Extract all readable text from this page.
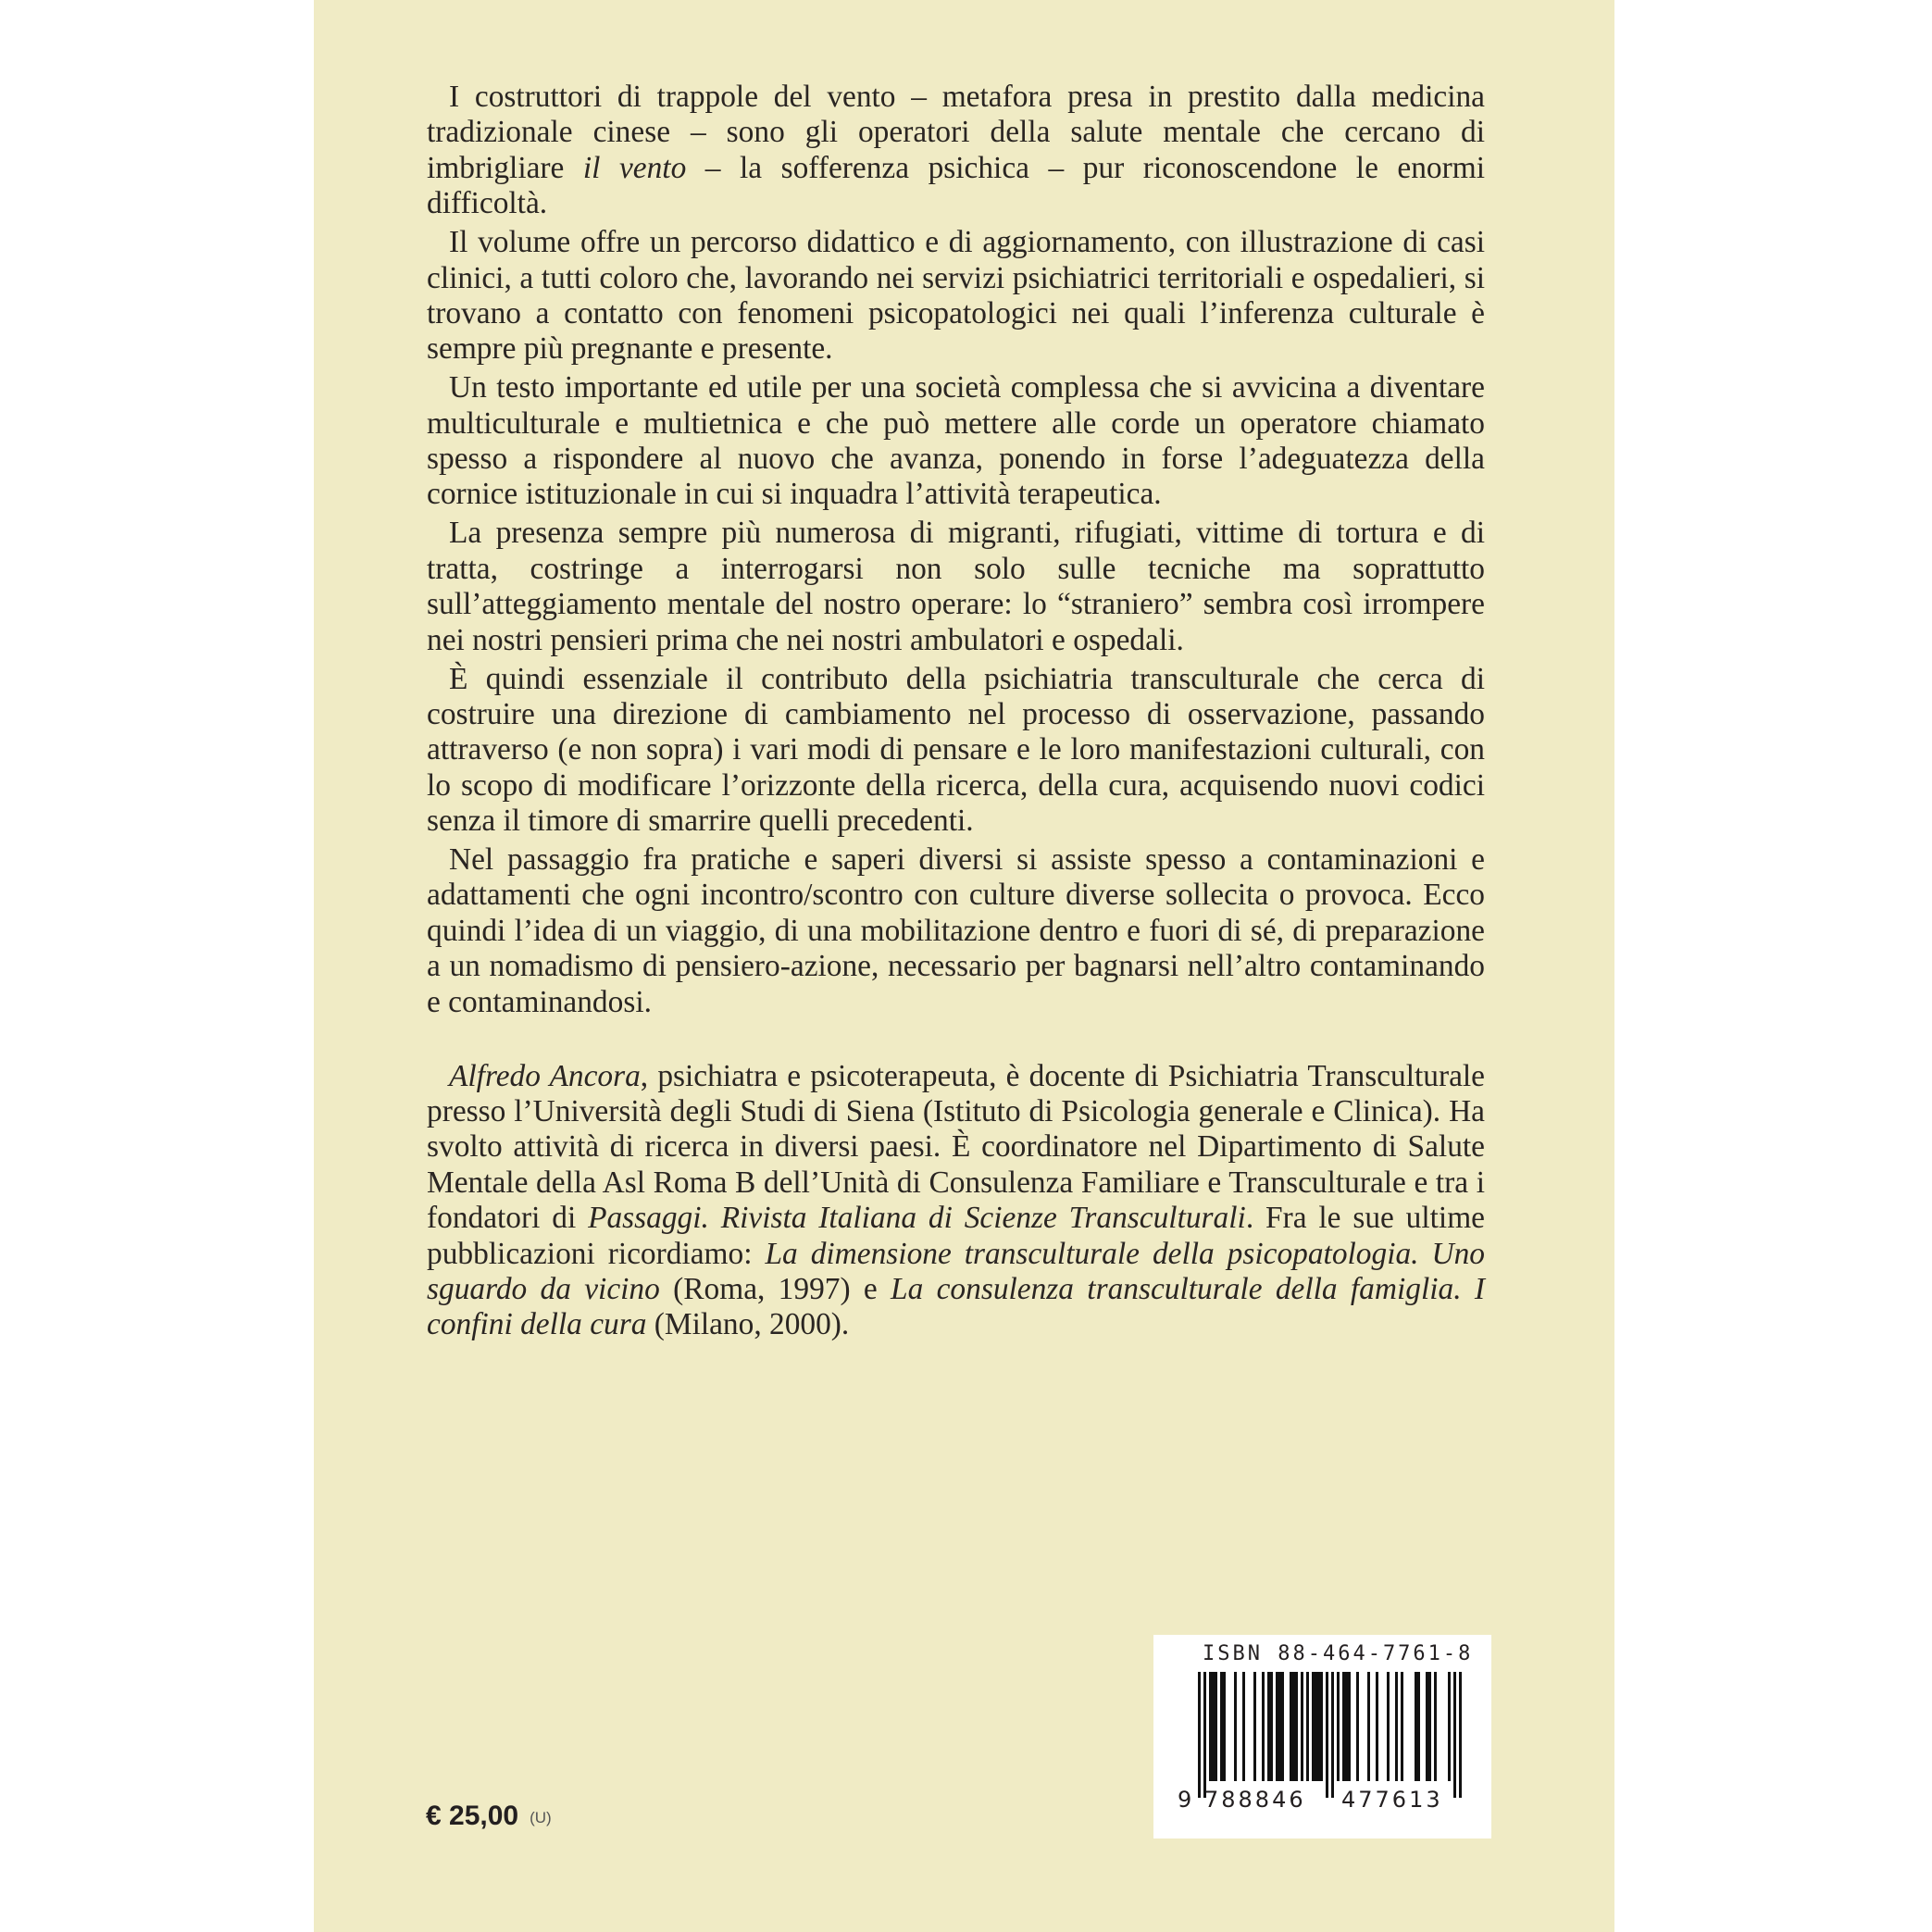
I costruttori di trappole del vento – metafora presa in prestito dalla medicina tradizionale cinese – sono gli operatori della salute mentale che cercano di imbrigliare il vento – la sofferenza psichica – pur riconoscendone le enormi difficoltà.

Il volume offre un percorso didattico e di aggiornamento, con illustrazione di casi clinici, a tutti coloro che, lavorando nei servizi psichiatrici territoriali e ospedalieri, si trovano a contatto con fenomeni psicopatologici nei quali l’inferenza culturale è sempre più pregnante e presente.

Un testo importante ed utile per una società complessa che si avvicina a diventare multiculturale e multietnica e che può mettere alle corde un operatore chiamato spesso a rispondere al nuovo che avanza, ponendo in forse l’adeguatezza della cornice istituzionale in cui si inquadra l’attività terapeutica.

La presenza sempre più numerosa di migranti, rifugiati, vittime di tortura e di tratta, costringe a interrogarsi non solo sulle tecniche ma soprattutto sull’atteggiamento mentale del nostro operare: lo “straniero” sembra così irrompere nei nostri pensieri prima che nei nostri ambulatori e ospedali.

È quindi essenziale il contributo della psichiatria transculturale che cerca di costruire una direzione di cambiamento nel processo di osservazione, passando attraverso (e non sopra) i vari modi di pensare e le loro manifestazioni culturali, con lo scopo di modificare l’orizzonte della ricerca, della cura, acquisendo nuovi codici senza il timore di smarrire quelli precedenti.

Nel passaggio fra pratiche e saperi diversi si assiste spesso a contaminazioni e adattamenti che ogni incontro/scontro con culture diverse sollecita o provoca. Ecco quindi l’idea di un viaggio, di una mobilitazione dentro e fuori di sé, di preparazione a un nomadismo di pensiero-azione, necessario per bagnarsi nell’altro contaminando e contaminandosi.

Alfredo Ancora, psichiatra e psicoterapeuta, è docente di Psichiatria Transculturale presso l’Università degli Studi di Siena (Istituto di Psicologia generale e Clinica). Ha svolto attività di ricerca in diversi paesi. È coordinatore nel Dipartimento di Salute Mentale della Asl Roma B dell’Unità di Consulenza Familiare e Transculturale e tra i fondatori di Passaggi. Rivista Italiana di Scienze Transculturali. Fra le sue ultime pubblicazioni ricordiamo: La dimensione transculturale della psicopatologia. Uno sguardo da vicino (Roma, 1997) e La consulenza transculturale della famiglia. I confini della cura (Milano, 2000).

ISBN 88-464-7761-8
9 788846 477613
€ 25,00 (U)
